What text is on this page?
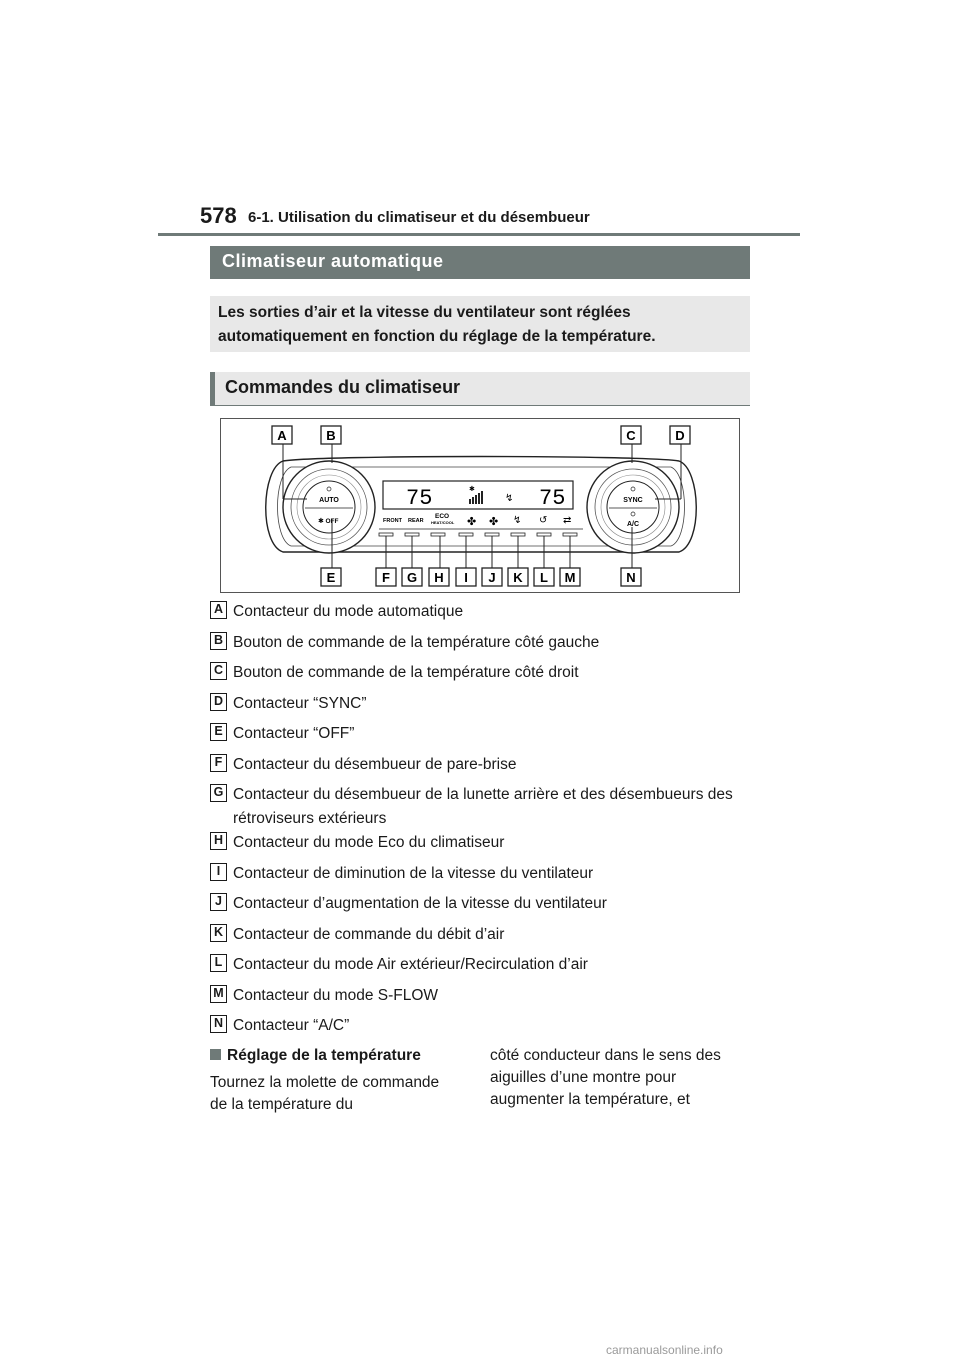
578 6-1. Utilisation du climatiseur et du désembueur
Climatiseur automatique

Les sorties d’air et la vitesse du ventilateur sont réglées automatiquement en fonction du réglage de la température.

Commandes du climatiseur
AUTO
OFF
✱
SYNC
A/C
75	75
✱
↯
FRONT REAR
ECO
HEAT/COOL ✤ ✤ ↯ ↺ ⇄
A	B	C	D
E	F G H I J K L M	N
A Contacteur du mode automatique
B Bouton de commande de la température côté gauche
C Bouton de commande de la température côté droit
D Contacteur “SYNC”
E Contacteur “OFF”
F Contacteur du désembueur de pare-brise
G Contacteur du désembueur de la lunette arrière et des désembueurs des rétroviseurs extérieurs
H Contacteur du mode Eco du climatiseur
I Contacteur de diminution de la vitesse du ventilateur
J Contacteur d’augmentation de la vitesse du ventilateur
K Contacteur de commande du débit d’air
L Contacteur du mode Air extérieur/Recirculation d’air
M Contacteur du mode S-FLOW
N Contacteur “A/C”
Réglage de la température

Tournez la molette de commande de la température du

côté conducteur dans le sens des aiguilles d’une montre pour augmenter la température, et

carmanualsonline.info
